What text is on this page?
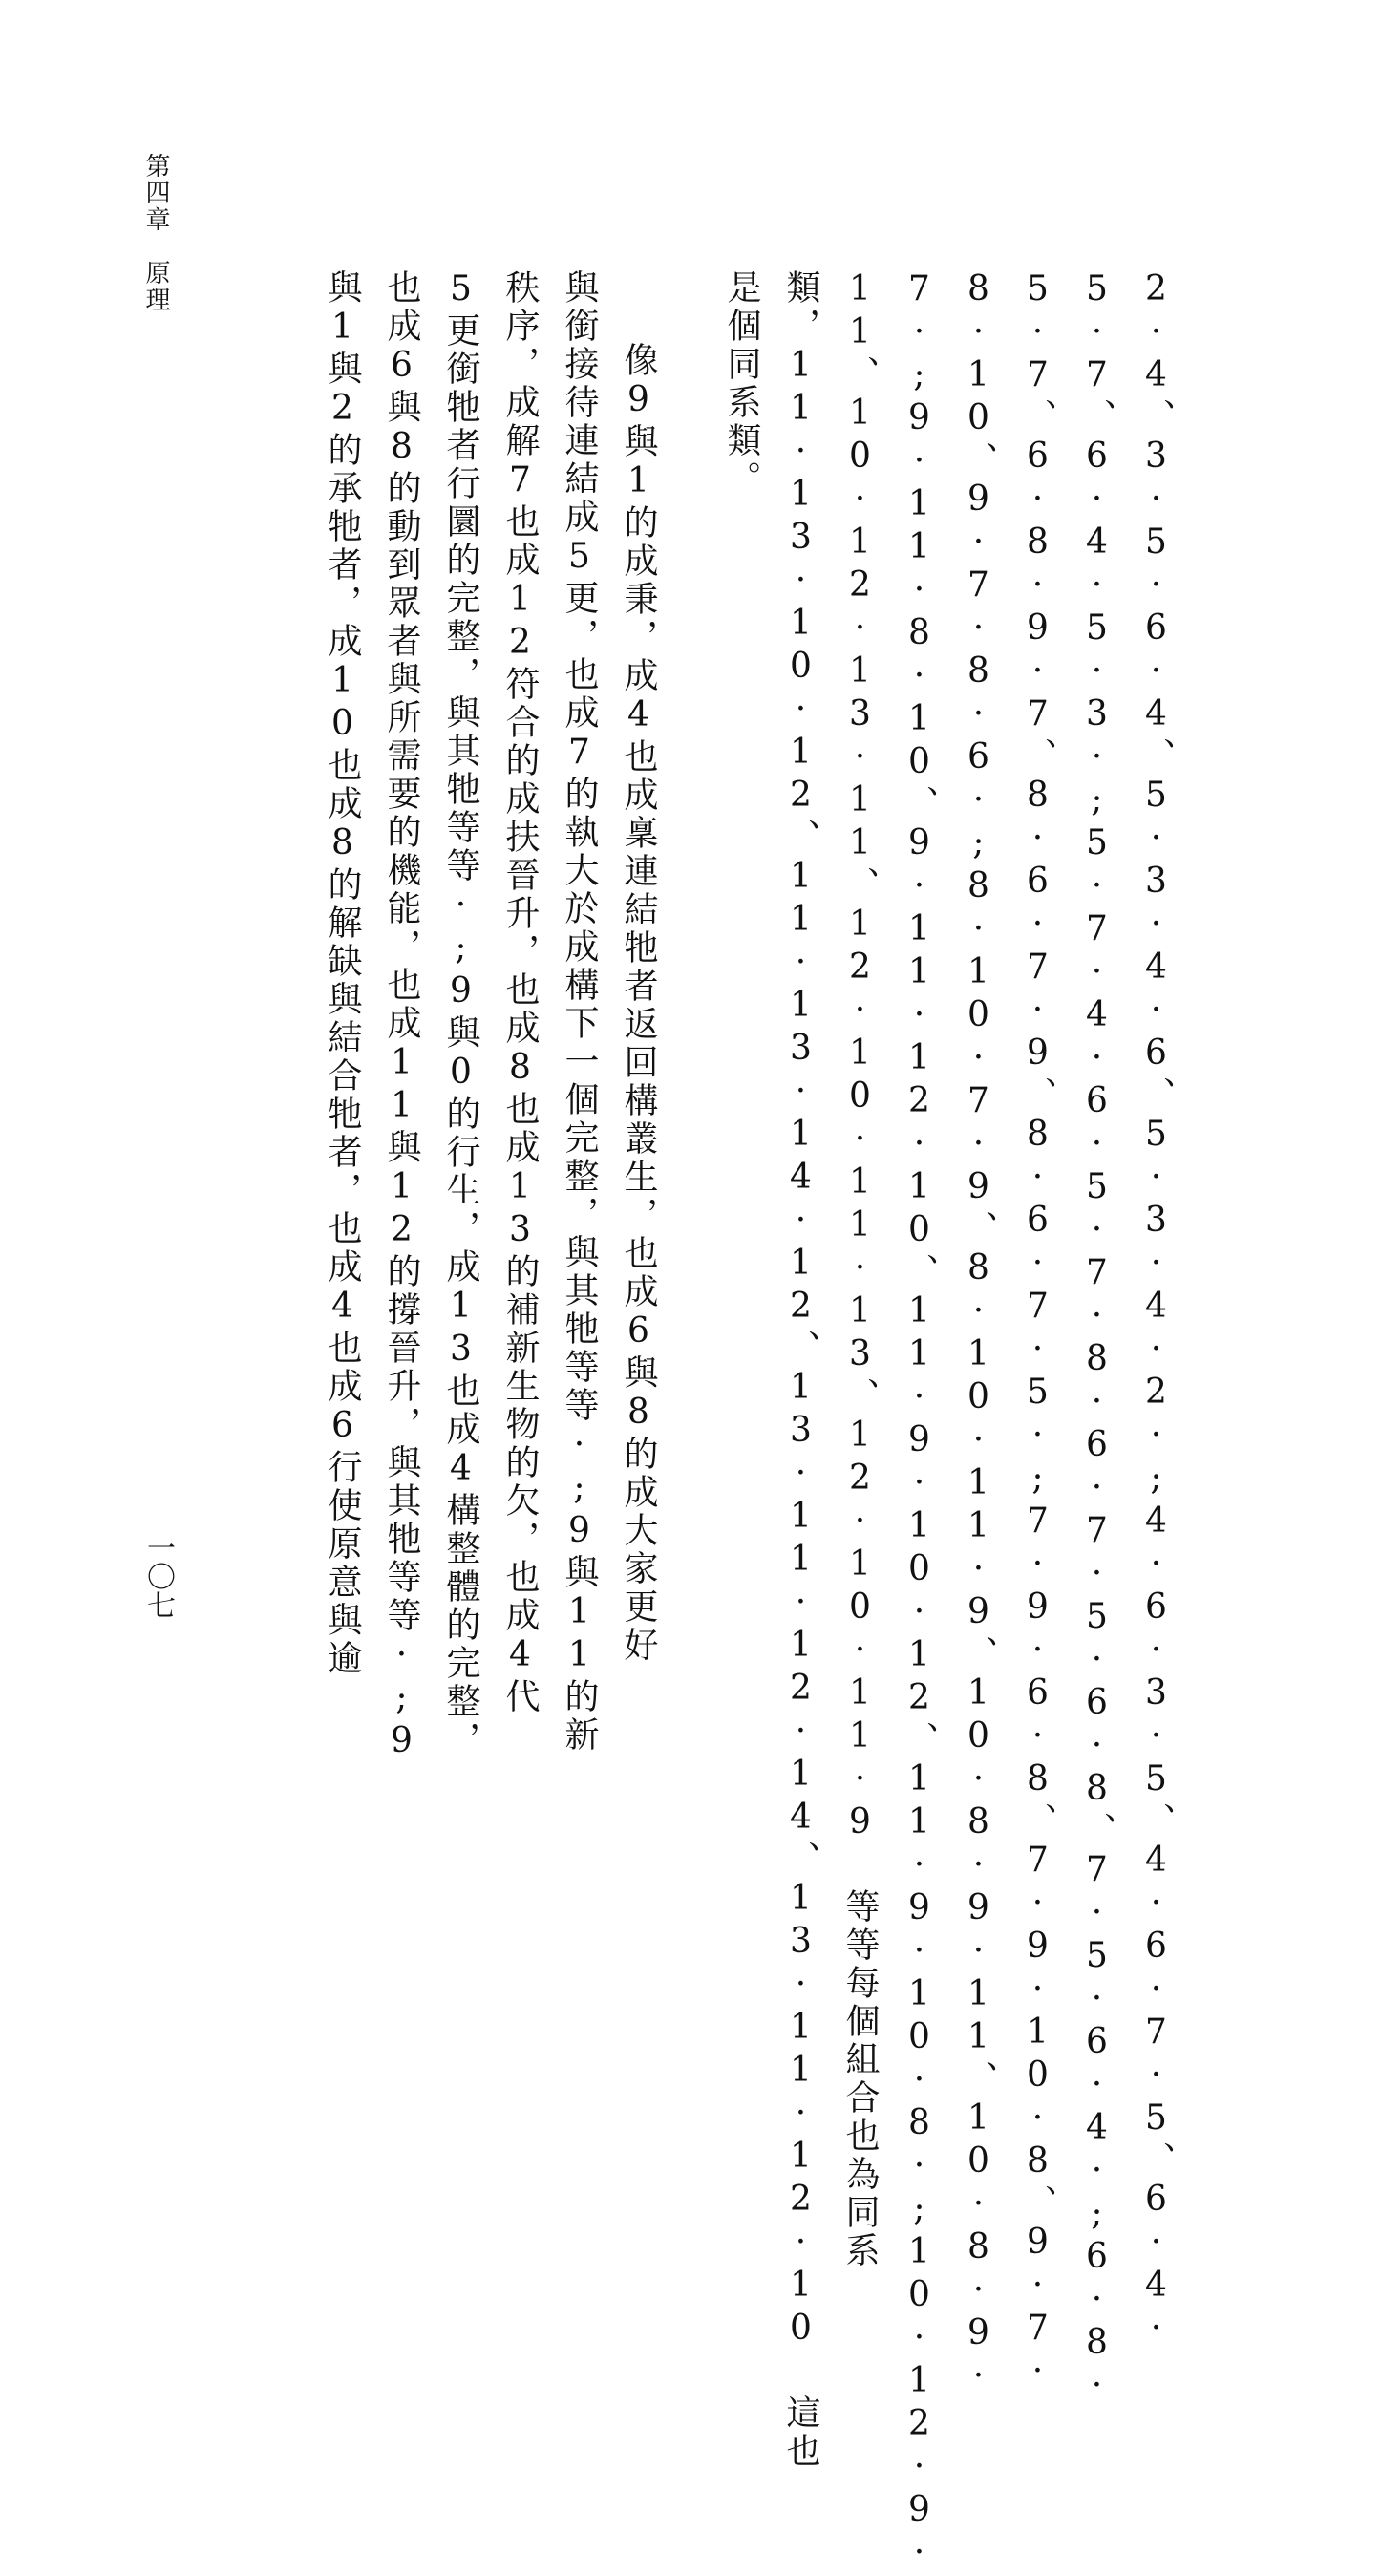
第四章原理
一〇七	2·4、3·5·6·4、5·3·4·6、5·3·4·2·;4·6·3·5、4·6·7·5、6·4·
5·7、6·4·5·3·;5·7·4·6·5·7·8·6·7·5·6·8、7·5·6·4·;6·8·
5·7、6·8·9·7、8·6·7·9、8·6·7·5·;7·9·6·8、7·9·10·8、9·7·
8·10、9·7·8·6·;8·10·7·9、8·10·11·9、10·8·9·11、10·8·9·
7·;9·11·8·10、9·11·12·10、11·9·10·12、11·9·10·8·;10·12·9·
11、10·12·13·11、12·10·11·13、12·10·11·9 等等每個組合也為同系
類，11·13·10·12、11·13·14·12、13·11·12·14、13·11·12·10 這也
是個同系類。
像9與1的成秉，成4也成稟連結牠者返回構叢生，也成6與8的成大家更好
與銜接待連結成5更，也成7的執大於成構下一個完整，與其牠等等·;9與11的新
秩序，成解7也成12符合的成扶晉升，也成8也成13的補新生物的欠，也成4代
5更銜牠者行圜的完整，與其牠等等·;9與0的行生，成13也成4構整體的完整，
也成6與8的動到眾者與所需要的機能，也成11與12的撐晉升，與其牠等等·;9
與1與2的承牠者，成10也成8的解缺與結合牠者，也成4也成6行使原意與逾
